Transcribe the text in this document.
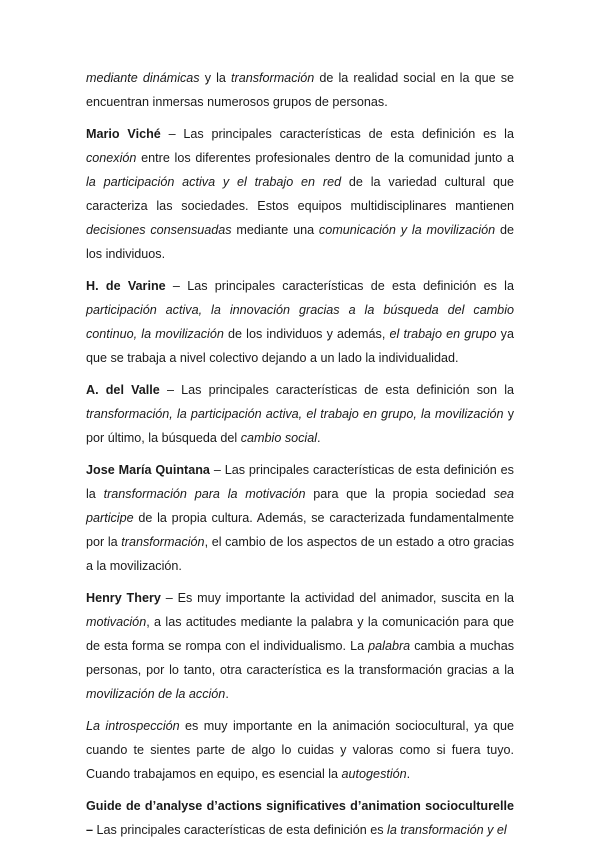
mediante dinámicas y la transformación de la realidad social en la que se encuentran inmersas numerosos grupos de personas.

Mario Viché – Las principales características de esta definición es la conexión entre los diferentes profesionales dentro de la comunidad junto a la participación activa y el trabajo en red de la variedad cultural que caracteriza las sociedades. Estos equipos multidisciplinares mantienen decisiones consensuadas mediante una comunicación y la movilización de los individuos.

H. de Varine – Las principales características de esta definición es la participación activa, la innovación gracias a la búsqueda del cambio continuo, la movilización de los individuos y además, el trabajo en grupo ya que se trabaja a nivel colectivo dejando a un lado la individualidad.

A. del Valle – Las principales características de esta definición son la transformación, la participación activa, el trabajo en grupo, la movilización y por último, la búsqueda del cambio social.

Jose María Quintana – Las principales características de esta definición es la transformación para la motivación para que la propia sociedad sea participe de la propia cultura. Además, se caracterizada fundamentalmente por la transformación, el cambio de los aspectos de un estado a otro gracias a la movilización.

Henry Thery – Es muy importante la actividad del animador, suscita en la motivación, a las actitudes mediante la palabra y la comunicación para que de esta forma se rompa con el individualismo. La palabra cambia a muchas personas, por lo tanto, otra característica es la transformación gracias a la movilización de la acción.

La introspección es muy importante en la animación sociocultural, ya que cuando te sientes parte de algo lo cuidas y valoras como si fuera tuyo. Cuando trabajamos en equipo, es esencial la autogestión.

Guide de d’analyse d’actions significatives d’animation socioculturelle – Las principales características de esta definición es la transformación y el
